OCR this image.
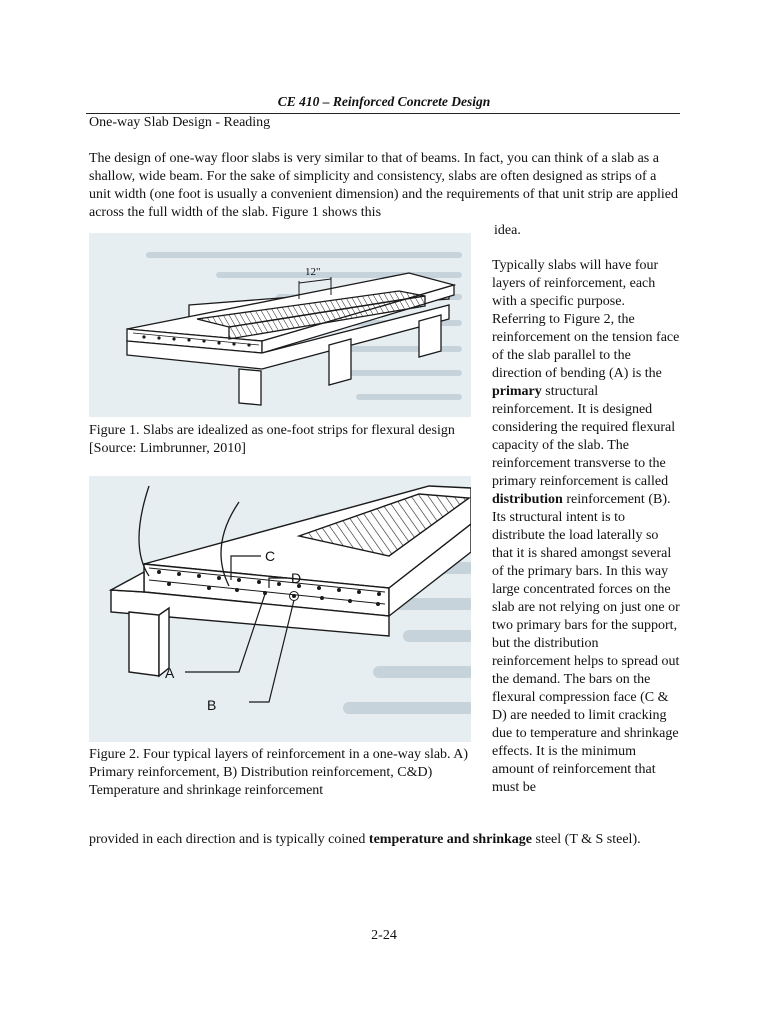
CE 410 – Reinforced Concrete Design
One-way Slab Design - Reading
The design of one-way floor slabs is very similar to that of beams. In fact, you can think of a slab as a shallow, wide beam. For the sake of simplicity and consistency, slabs are often designed as strips of a unit width (one foot is usually a convenient dimension) and the requirements of that unit strip are applied across the full width of the slab. Figure 1 shows this
idea.
12"
Figure 1. Slabs are idealized as one-foot strips for flexural design [Source: Limbrunner, 2010]
C
D
A
B
Figure 2. Four typical layers of reinforcement in a one-way slab. A) Primary reinforcement, B) Distribution reinforcement, C&D) Temperature and shrinkage reinforcement
Typically slabs will have four layers of reinforcement, each with a specific purpose. Referring to Figure 2, the reinforcement on the tension face of the slab parallel to the direction of bending (A) is the primary structural reinforcement. It is designed considering the required flexural capacity of the slab. The reinforcement transverse to the primary reinforcement is called distribution reinforcement (B). Its structural intent is to distribute the load laterally so that it is shared amongst several of the primary bars. In this way large concentrated forces on the slab are not relying on just one or two primary bars for the support, but the distribution reinforcement helps to spread out the demand. The bars on the flexural compression face (C & D) are needed to limit cracking due to temperature and shrinkage effects. It is the minimum amount of reinforcement that must be
provided in each direction and is typically coined temperature and shrinkage steel (T & S steel).
2-24
